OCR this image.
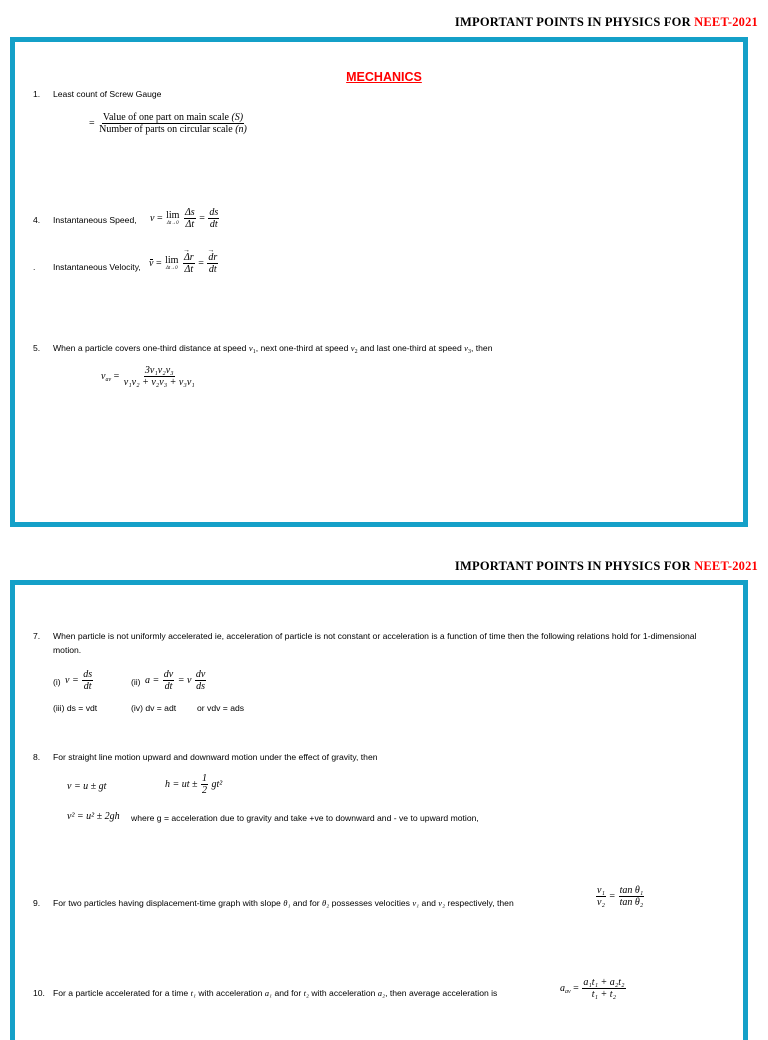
IMPORTANT POINTS IN PHYSICS FOR NEET-2021
MECHANICS
1. Least count of Screw Gauge
= $\frac{\text{Value of one part on main scale (S)}}{\text{Number of parts on circular scale (n)}}$
4. Instantaneous Speed, v = lim
Δt→0
$\frac{\Delta s}{\Delta t} = \frac{ds}{dt}$
. Instantaneous Velocity, v = lim
Δt→0
→ $\frac{\Delta r}{\Delta t}$ = → $\frac{dr}{dt}$
5. When a particle covers one-third distance at speed $v_1$, next one-third at speed $v_2$ and last one-third at speed $v_3$, then
$v_{av} = \frac{\text{3v₁v₂v₃}}{\text{v₁v₂ + v₂v₃ + v₃v₁}}$
IMPORTANT POINTS IN PHYSICS FOR NEET-2021
7. When particle is not uniformly accelerated ie, acceleration of particle is not constant or acceleration is a function of time then the following relations hold for 1-dimensional
motion.
(i) $v = \frac{ds}{dt}$	(ii) $a = \frac{dv}{dt} = v \frac{dv}{ds}$
(iii) ds = vdt	(iv) dv = adt or vdv = ads
8. For straight line motion upward and downward motion under the effect of gravity, then
v = u ± gt	h = ut ± $\frac{1}{2} gt^2$
v² = u² ± 2gh where g = acceleration due to gravity and take +ve to downward and - ve to upward motion,
9. For two particles having displacement-time graph with slope θ₁ and for θ₂ possesses velocities v₁ and v₂ respectively, then	$\frac{\text{v₁}}{\text{v₂}} = \frac{\text{tan θ₁}}{\text{tan θ₂}}$
10. For a particle accelerated for a time t₁ with acceleration a₁ and for t₂ with acceleration a₂, then average acceleration is	$a_{av} = \frac{\text{a₁t₁ + a₂t₂}}{\text{t₁ + t₂}}$
